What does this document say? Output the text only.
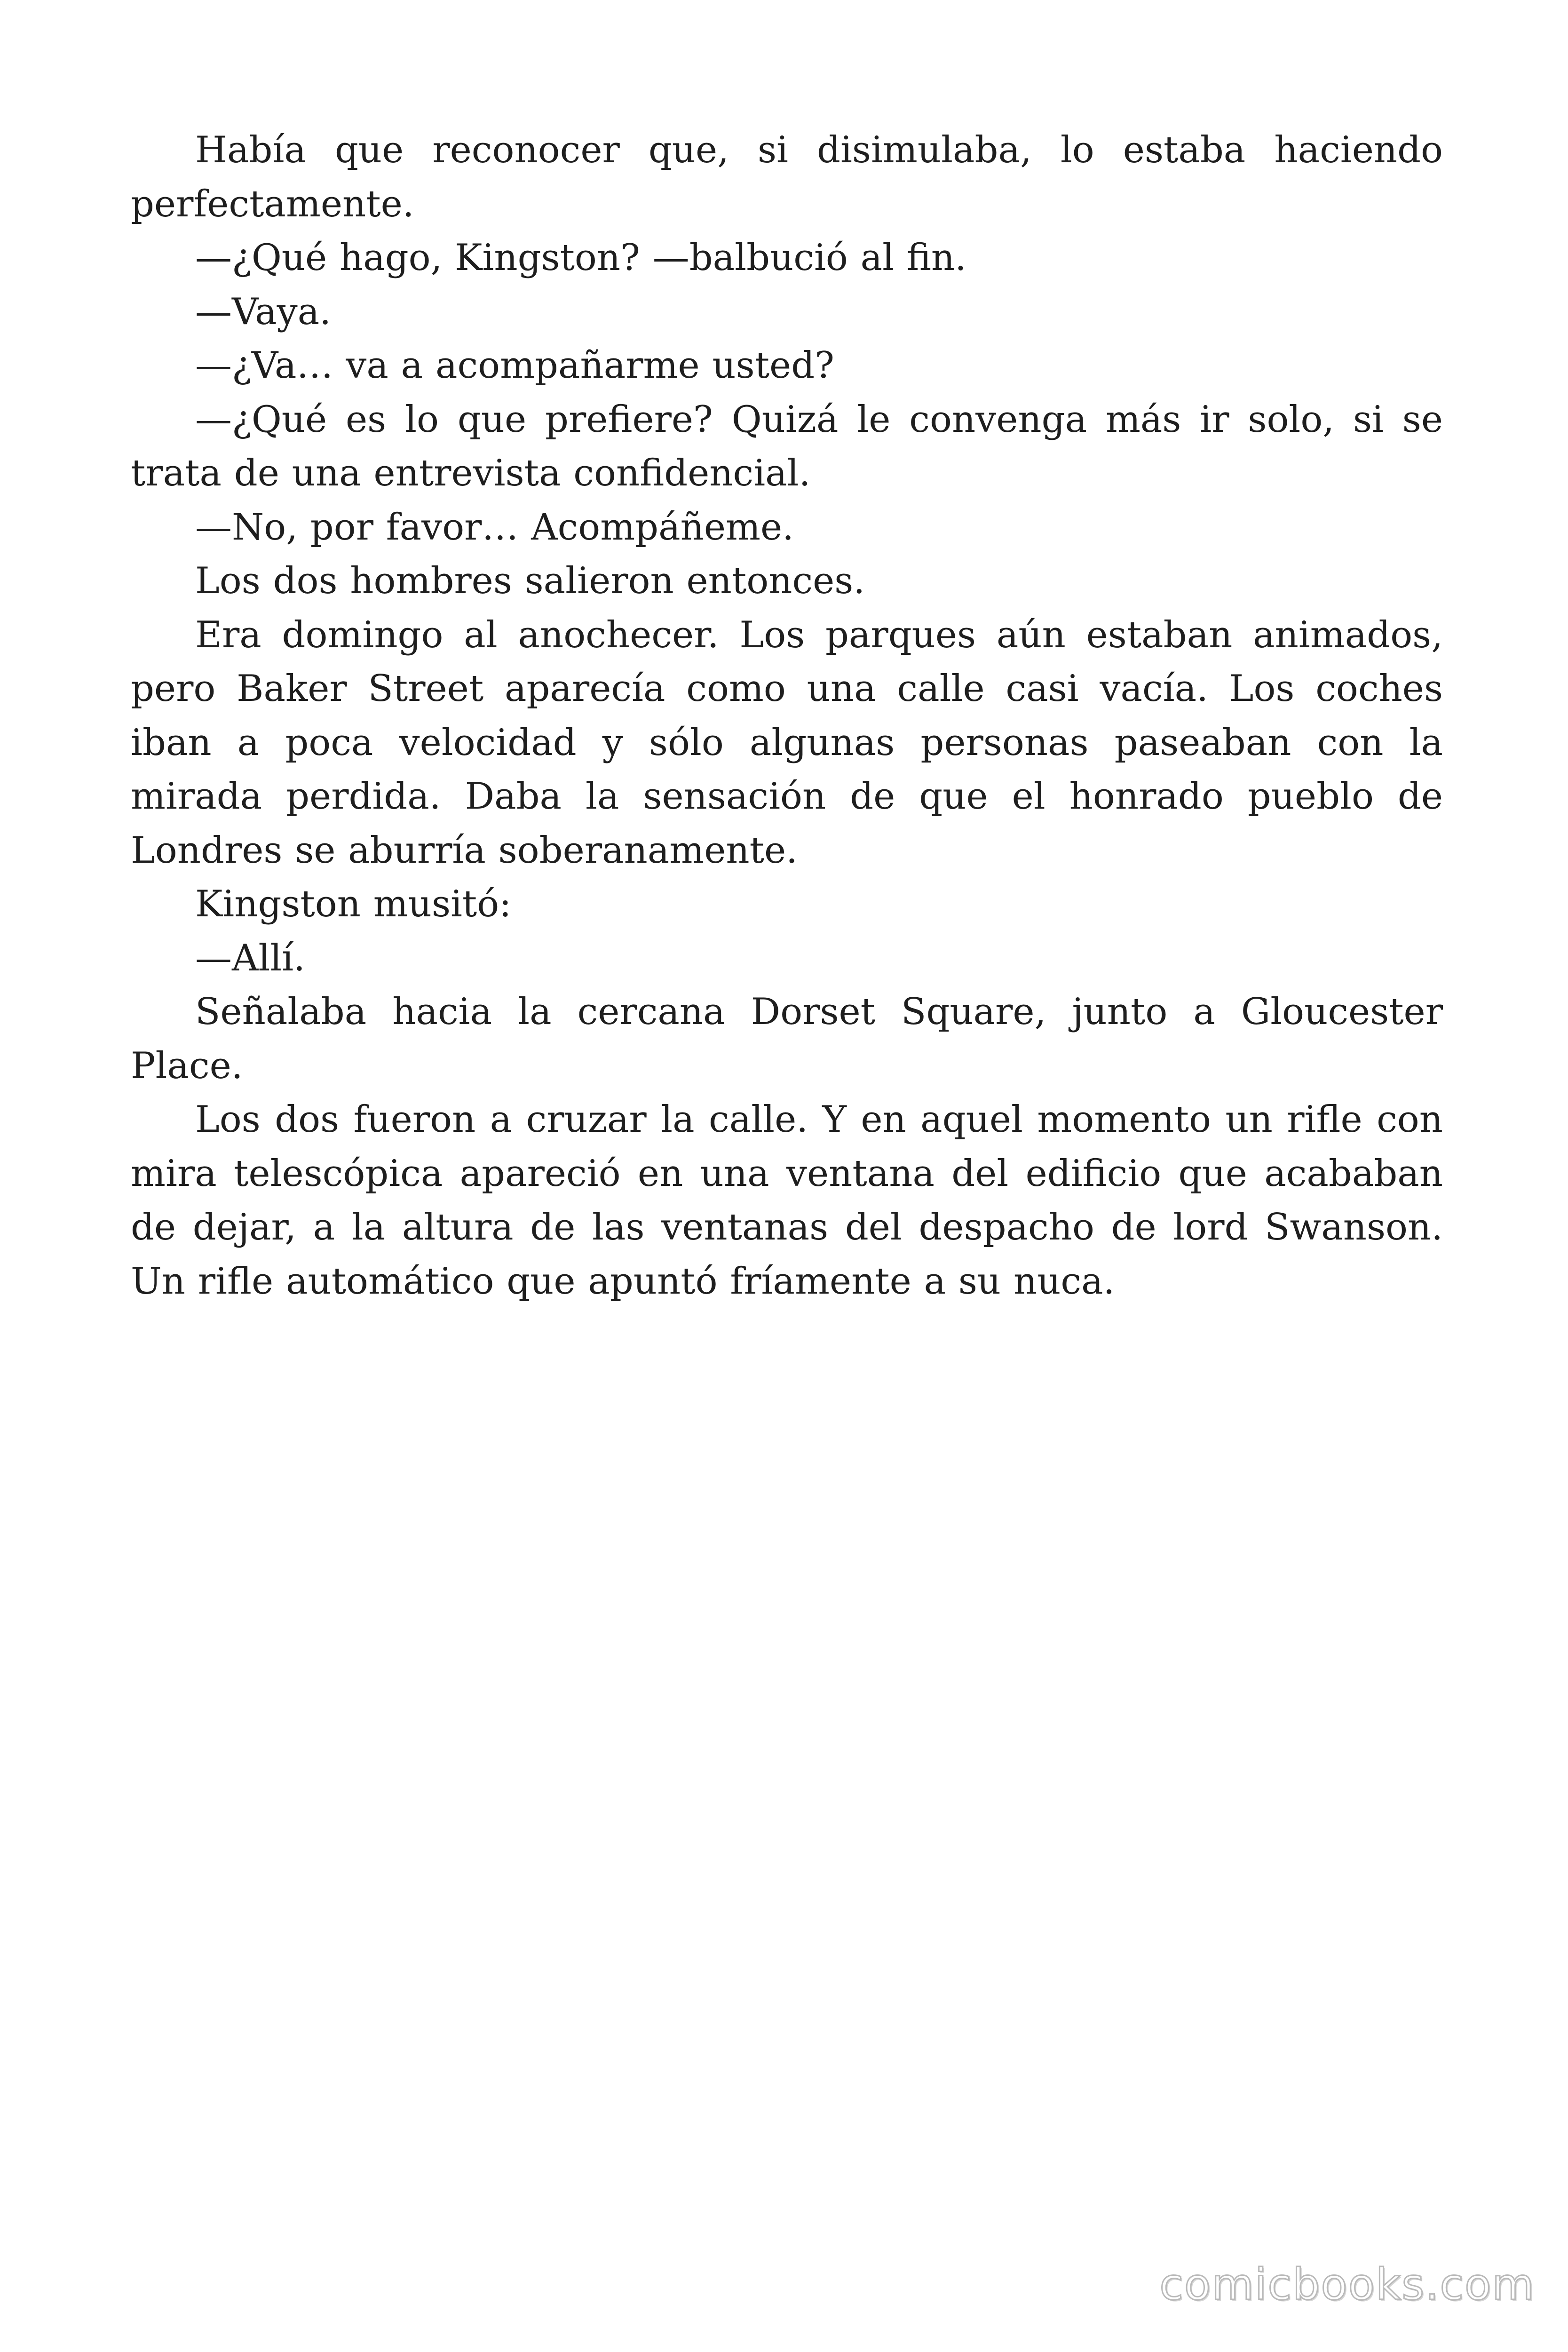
Había que reconocer que, si disimulaba, lo estaba haciendo perfectamente.

—¿Qué hago, Kingston? —balbució al fin.

—Vaya.

—¿Va… va a acompañarme usted?

—¿Qué es lo que prefiere? Quizá le convenga más ir solo, si se trata de una entrevista confidencial.

—No, por favor… Acompáñeme.

Los dos hombres salieron entonces.

Era domingo al anochecer. Los parques aún estaban animados, pero Baker Street aparecía como una calle casi vacía. Los coches iban a poca velocidad y sólo algunas personas paseaban con la mirada perdida. Daba la sensación de que el honrado pueblo de Londres se aburría soberanamente.

Kingston musitó:

—Allí.

Señalaba hacia la cercana Dorset Square, junto a Gloucester Place.

Los dos fueron a cruzar la calle. Y en aquel momento un rifle con mira telescópica apareció en una ventana del edificio que acababan de dejar, a la altura de las ventanas del despacho de lord Swanson. Un rifle automático que apuntó fríamente a su nuca.

comicbooks.com
